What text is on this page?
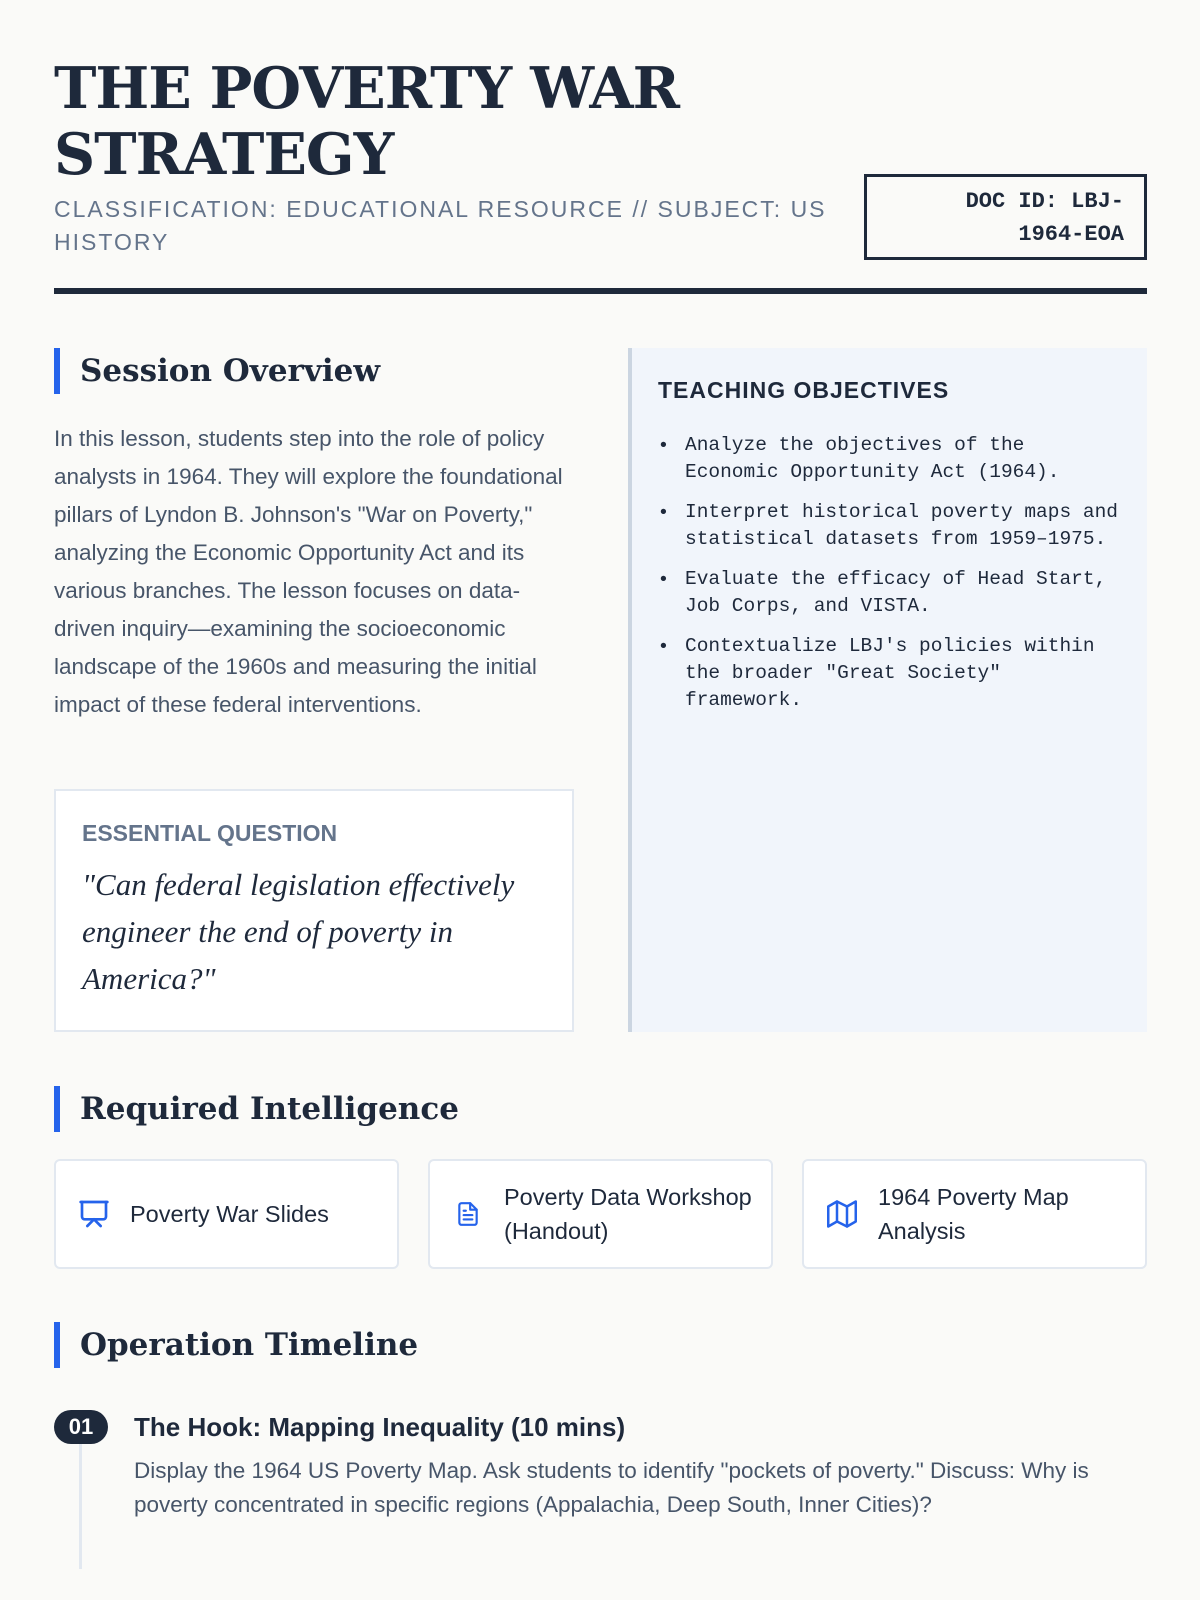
THE POVERTY WAR STRATEGY
CLASSIFICATION: EDUCATIONAL RESOURCE // SUBJECT: US HISTORY
DOC ID: LBJ-1964-EOA
Session Overview

In this lesson, students step into the role of policy analysts in 1964. They will explore the foundational pillars of Lyndon B. Johnson's "War on Poverty," analyzing the Economic Opportunity Act and its various branches. The lesson focuses on data-driven inquiry—examining the socioeconomic landscape of the 1960s and measuring the initial impact of these federal interventions.

ESSENTIAL QUESTION
"Can federal legislation effectively engineer the end of poverty in America?"
TEACHING OBJECTIVES
• Analyze the objectives of the Economic Opportunity Act (1964).
• Interpret historical poverty maps and statistical datasets from 1959–1975.
• Evaluate the efficacy of Head Start, Job Corps, and VISTA.
• Contextualize LBJ's policies within the broader "Great Society" framework.
Required Intelligence
Poverty War Slides
Poverty Data Workshop (Handout)
1964 Poverty Map Analysis
Operation Timeline
01	The Hook: Mapping Inequality (10 mins)

Display the 1964 US Poverty Map. Ask students to identify "pockets of poverty." Discuss: Why is poverty concentrated in specific regions (Appalachia, Deep South, Inner Cities)?
